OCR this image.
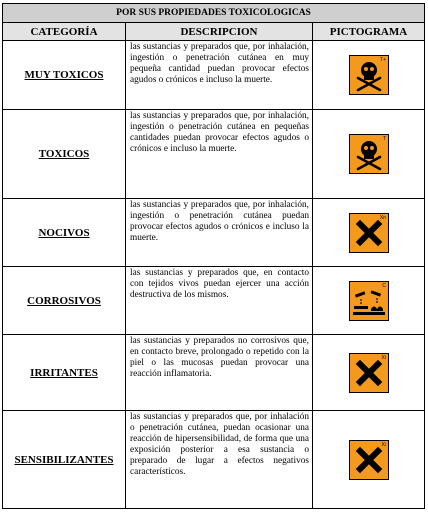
POR SUS PROPIEDADES TOXICOLOGICAS
CATEGORÍA	DESCRIPCION	PICTOGRAMA
MUY TOXICOS
las sustancias y preparados que, por inhalación, ingestión o penetración cutánea en muy pequeña cantidad puedan provocar efectos agudos o crónicos e incluso la muerte.
T+
TOXICOS
las sustancias y preparados que, por inhalación, ingestión o penetración cutánea en pequeñas cantidades puedan provocar efectos agudos o crónicos e incluso la muerte.
T
NOCIVOS
las sustancias y preparados que, por inhalación, ingestión o penetración cutánea puedan provocar efectos agudos o crónicos e incluso la muerte.
Xn
CORROSIVOS
las sustancias y preparados que, en contacto con tejidos vivos puedan ejercer una acción destructiva de los mismos.
C
IRRITANTES
las sustancias y preparados no corrosivos que, en contacto breve, prolongado o repetido con la piel o las mucosas puedan provocar una reacción inflamatoria.
Xi
SENSIBILIZANTES
las sustancias y preparados que, por inhalación o penetración cutánea, puedan ocasionar una reacción de hipersensibilidad, de forma que una exposición posterior a esa sustancia o preparado de lugar a efectos negativos característicos.
Xi
